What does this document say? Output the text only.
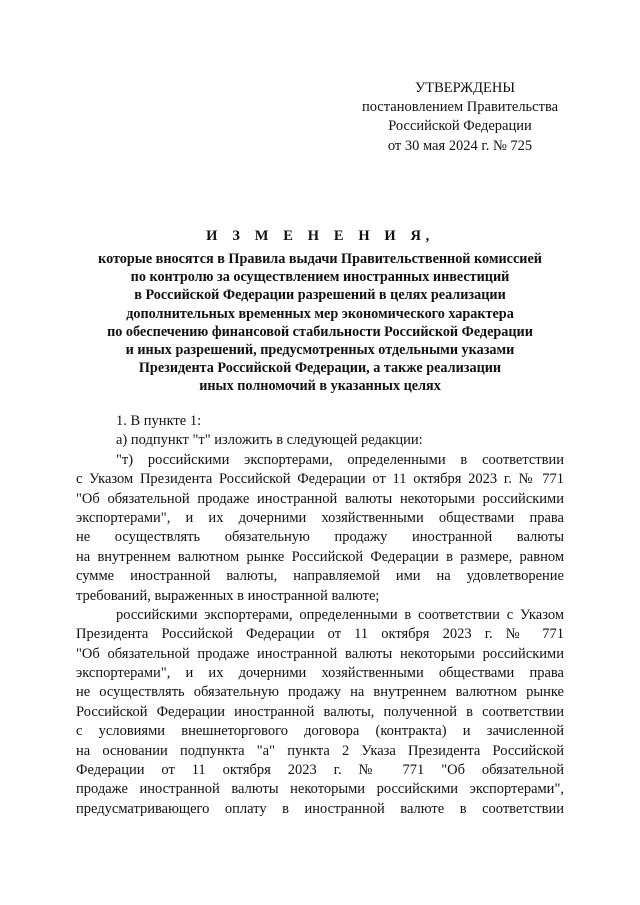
УТВЕРЖДЕНЫ
постановлением Правительства
Российской Федерации
от 30 мая 2024 г. № 725
И З М Е Н Е Н И Я,
которые вносятся в Правила выдачи Правительственной комиссией
по контролю за осуществлением иностранных инвестиций
в Российской Федерации разрешений в целях реализации
дополнительных временных мер экономического характера
по обеспечению финансовой стабильности Российской Федерации
и иных разрешений, предусмотренных отдельными указами
Президента Российской Федерации, а также реализации
иных полномочий в указанных целях
1. В пункте 1:
а) подпункт "т" изложить в следующей редакции:
"т) российскими экспортерами, определенными в соответствии
с Указом Президента Российской Федерации от 11 октября 2023 г. № 771
"Об обязательной продаже иностранной валюты некоторыми российскими
экспортерами", и их дочерними хозяйственными обществами права
не осуществлять обязательную продажу иностранной валюты
на внутреннем валютном рынке Российской Федерации в размере, равном
сумме иностранной валюты, направляемой ими на удовлетворение
требований, выраженных в иностранной валюте;
российскими экспортерами, определенными в соответствии с Указом
Президента Российской Федерации от 11 октября 2023 г. № 771
"Об обязательной продаже иностранной валюты некоторыми российскими
экспортерами", и их дочерними хозяйственными обществами права
не осуществлять обязательную продажу на внутреннем валютном рынке
Российской Федерации иностранной валюты, полученной в соответствии
с условиями внешнеторгового договора (контракта) и зачисленной
на основании подпункта "а" пункта 2 Указа Президента Российской
Федерации от 11 октября 2023 г. № 771 "Об обязательной
продаже иностранной валюты некоторыми российскими экспортерами",
предусматривающего оплату в иностранной валюте в соответствии
